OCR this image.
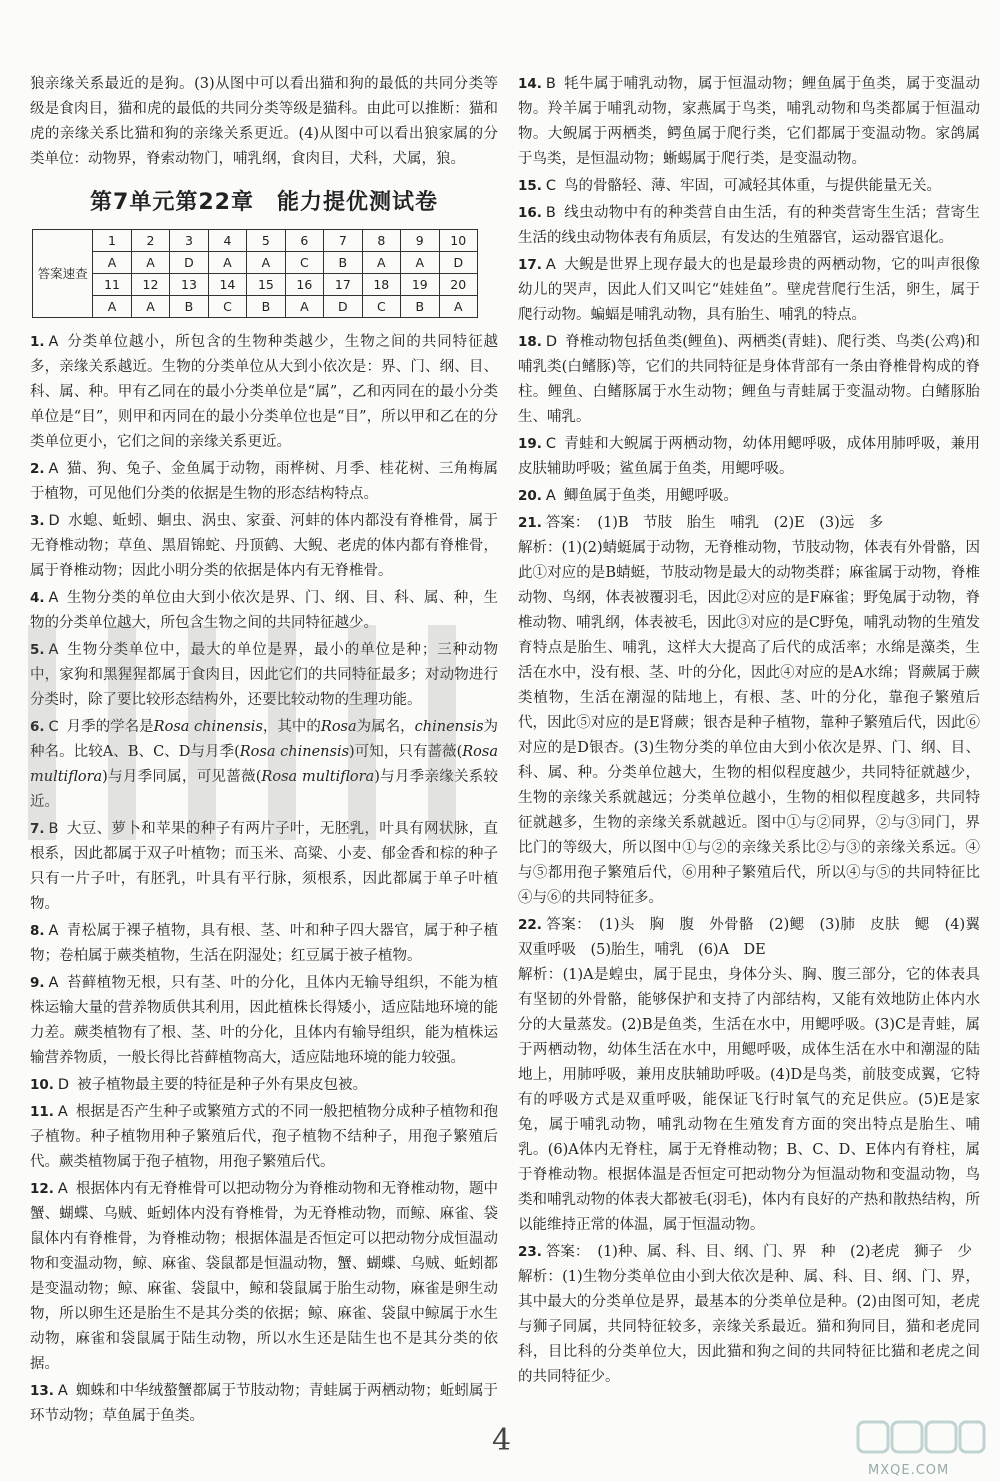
狼亲缘关系最近的是狗。(3)从图中可以看出猫和狗的最低的共同分类等级是食肉目，猫和虎的最低的共同分类等级是猫科。由此可以推断：猫和虎的亲缘关系比猫和狗的亲缘关系更近。(4)从图中可以看出狼家属的分类单位：动物界，脊索动物门，哺乳纲，食肉目，犬科，犬属，狼。

第7单元第22章　能力提优测试卷
答案速查	1	2	3	4	5	6	7	8	9	10
	A	A	D	A	A	C	B	A	A	D
	11	12	13	14	15	16	17	18	19	20
	A	A	B	C	B	A	D	C	B	A
1. A 分类单位越小，所包含的生物种类越少，生物之间的共同特征越多，亲缘关系越近。生物的分类单位从大到小依次是：界、门、纲、目、科、属、种。甲有乙同在的最小分类单位是“属”，乙和丙同在的最小分类单位是“目”，则甲和丙同在的最小分类单位也是“目”，所以甲和乙在的分类单位更小，它们之间的亲缘关系更近。
2. A 猫、狗、兔子、金鱼属于动物，雨桦树、月季、桂花树、三角梅属于植物，可见他们分类的依据是生物的形态结构特点。
3. D 水螅、蚯蚓、蛔虫、涡虫、家蚕、河蚌的体内都没有脊椎骨，属于无脊椎动物；草鱼、黑眉锦蛇、丹顶鹤、大鲵、老虎的体内都有脊椎骨，属于脊椎动物；因此小明分类的依据是体内有无脊椎骨。
4. A 生物分类的单位由大到小依次是界、门、纲、目、科、属、种，生物的分类单位越大，所包含生物之间的共同特征越少。
5. A 生物分类单位中，最大的单位是界，最小的单位是种；三种动物中，家狗和黑猩猩都属于食肉目，因此它们的共同特征最多；对动物进行分类时，除了要比较形态结构外，还要比较动物的生理功能。
6. C 月季的学名是Rosa chinensis，其中的Rosa为属名，chinensis为种名。比较A、B、C、D与月季(Rosa chinensis)可知，只有蔷薇(Rosa multiflora)与月季同属，可见蔷薇(Rosa multiflora)与月季亲缘关系较近。
7. B 大豆、萝卜和苹果的种子有两片子叶，无胚乳，叶具有网状脉，直根系，因此都属于双子叶植物；而玉米、高粱、小麦、郁金香和棕的种子只有一片子叶，有胚乳，叶具有平行脉，须根系，因此都属于单子叶植物。
8. A 青松属于裸子植物，具有根、茎、叶和种子四大器官，属于种子植物；卷柏属于蕨类植物，生活在阴湿处；红豆属于被子植物。
9. A 苔藓植物无根，只有茎、叶的分化，且体内无输导组织，不能为植株运输大量的营养物质供其利用，因此植株长得矮小，适应陆地环境的能力差。蕨类植物有了根、茎、叶的分化，且体内有输导组织，能为植株运输营养物质，一般长得比苔藓植物高大，适应陆地环境的能力较强。
10. D 被子植物最主要的特征是种子外有果皮包被。
11. A 根据是否产生种子或繁殖方式的不同一般把植物分成种子植物和孢子植物。种子植物用种子繁殖后代，孢子植物不结种子，用孢子繁殖后代。蕨类植物属于孢子植物，用孢子繁殖后代。
12. A 根据体内有无脊椎骨可以把动物分为脊椎动物和无脊椎动物，题中蟹、蝴蝶、乌贼、蚯蚓体内没有脊椎骨，为无脊椎动物，而鲸、麻雀、袋鼠体内有脊椎骨，为脊椎动物；根据体温是否恒定可以把动物分成恒温动物和变温动物，鲸、麻雀、袋鼠都是恒温动物，蟹、蝴蝶、乌贼、蚯蚓都是变温动物；鲸、麻雀、袋鼠中，鲸和袋鼠属于胎生动物，麻雀是卵生动物，所以卵生还是胎生不是其分类的依据；鲸、麻雀、袋鼠中鲸属于水生动物，麻雀和袋鼠属于陆生动物，所以水生还是陆生也不是其分类的依据。
13. A 蜘蛛和中华绒螯蟹都属于节肢动物；青蛙属于两栖动物；蚯蚓属于环节动物；草鱼属于鱼类。
14. B 牦牛属于哺乳动物，属于恒温动物；鲤鱼属于鱼类，属于变温动物。羚羊属于哺乳动物，家燕属于鸟类，哺乳动物和鸟类都属于恒温动物。大鲵属于两栖类，鳄鱼属于爬行类，它们都属于变温动物。家鸽属于鸟类，是恒温动物；蜥蜴属于爬行类，是变温动物。
15. C 鸟的骨骼轻、薄、牢固，可减轻其体重，与提供能量无关。
16. B 线虫动物中有的种类营自由生活，有的种类营寄生生活；营寄生生活的线虫动物体表有角质层，有发达的生殖器官，运动器官退化。
17. A 大鲵是世界上现存最大的也是最珍贵的两栖动物，它的叫声很像幼儿的哭声，因此人们又叫它“娃娃鱼”。壁虎营爬行生活，卵生，属于爬行动物。蝙蝠是哺乳动物，具有胎生、哺乳的特点。
18. D 脊椎动物包括鱼类(鲤鱼)、两栖类(青蛙)、爬行类、鸟类(公鸡)和哺乳类(白鳍豚)等，它们的共同特征是身体背部有一条由脊椎骨构成的脊柱。鲤鱼、白鳍豚属于水生动物；鲤鱼与青蛙属于变温动物。白鳍豚胎生、哺乳。
19. C 青蛙和大鲵属于两栖动物，幼体用鳃呼吸，成体用肺呼吸，兼用皮肤辅助呼吸；鲨鱼属于鱼类，用鳃呼吸。
20. A 鲫鱼属于鱼类，用鳃呼吸。
21. 答案： (1)B　节肢　胎生　哺乳　(2)E　(3)远　多
解析：(1)(2)蜻蜓属于动物，无脊椎动物，节肢动物，体表有外骨骼，因此①对应的是B蜻蜓，节肢动物是最大的动物类群；麻雀属于动物，脊椎动物、鸟纲，体表被覆羽毛，因此②对应的是F麻雀；野兔属于动物，脊椎动物、哺乳纲，体表被毛，因此③对应的是C野兔，哺乳动物的生殖发育特点是胎生、哺乳，这样大大提高了后代的成活率；水绵是藻类，生活在水中，没有根、茎、叶的分化，因此④对应的是A水绵；肾蕨属于蕨类植物，生活在潮湿的陆地上，有根、茎、叶的分化，靠孢子繁殖后代，因此⑤对应的是E肾蕨；银杏是种子植物，靠种子繁殖后代，因此⑥对应的是D银杏。(3)生物分类的单位由大到小依次是界、门、纲、目、科、属、种。分类单位越大，生物的相似程度越少，共同特征就越少，生物的亲缘关系就越远；分类单位越小，生物的相似程度越多，共同特征就越多，生物的亲缘关系就越近。图中①与②同界，②与③同门，界比门的等级大，所以图中①与②的亲缘关系比②与③的亲缘关系远。④与⑤都用孢子繁殖后代，⑥用种子繁殖后代，所以④与⑤的共同特征比④与⑥的共同特征多。
22. 答案： (1)头　胸　腹　外骨骼　(2)鳃　(3)肺　皮肤　鳃　(4)翼　双重呼吸　(5)胎生，哺乳　(6)A　DE
解析：(1)A是蝗虫，属于昆虫，身体分头、胸、腹三部分，它的体表具有坚韧的外骨骼，能够保护和支持了内部结构，又能有效地防止体内水分的大量蒸发。(2)B是鱼类，生活在水中，用鳃呼吸。(3)C是青蛙，属于两栖动物，幼体生活在水中，用鳃呼吸，成体生活在水中和潮湿的陆地上，用肺呼吸，兼用皮肤辅助呼吸。(4)D是鸟类，前肢变成翼，它特有的呼吸方式是双重呼吸，能保证飞行时氧气的充足供应。(5)E是家兔，属于哺乳动物，哺乳动物在生殖发育方面的突出特点是胎生、哺乳。(6)A体内无脊柱，属于无脊椎动物；B、C、D、E体内有脊柱，属于脊椎动物。根据体温是否恒定可把动物分为恒温动物和变温动物，鸟类和哺乳动物的体表大都被毛(羽毛)，体内有良好的产热和散热结构，所以能维持正常的体温，属于恒温动物。
23. 答案： (1)种、属、科、目、纲、门、界　种　(2)老虎　狮子　少
解析：(1)生物分类单位由小到大依次是种、属、科、目、纲、门、界，其中最大的分类单位是界，最基本的分类单位是种。(2)由图可知，老虎与狮子同属，共同特征较多，亲缘关系最近。猫和狗同目，猫和老虎同科，目比科的分类单位大，因此猫和狗之间的共同特征比猫和老虎之间的共同特征少。
4
MXQE.COM
